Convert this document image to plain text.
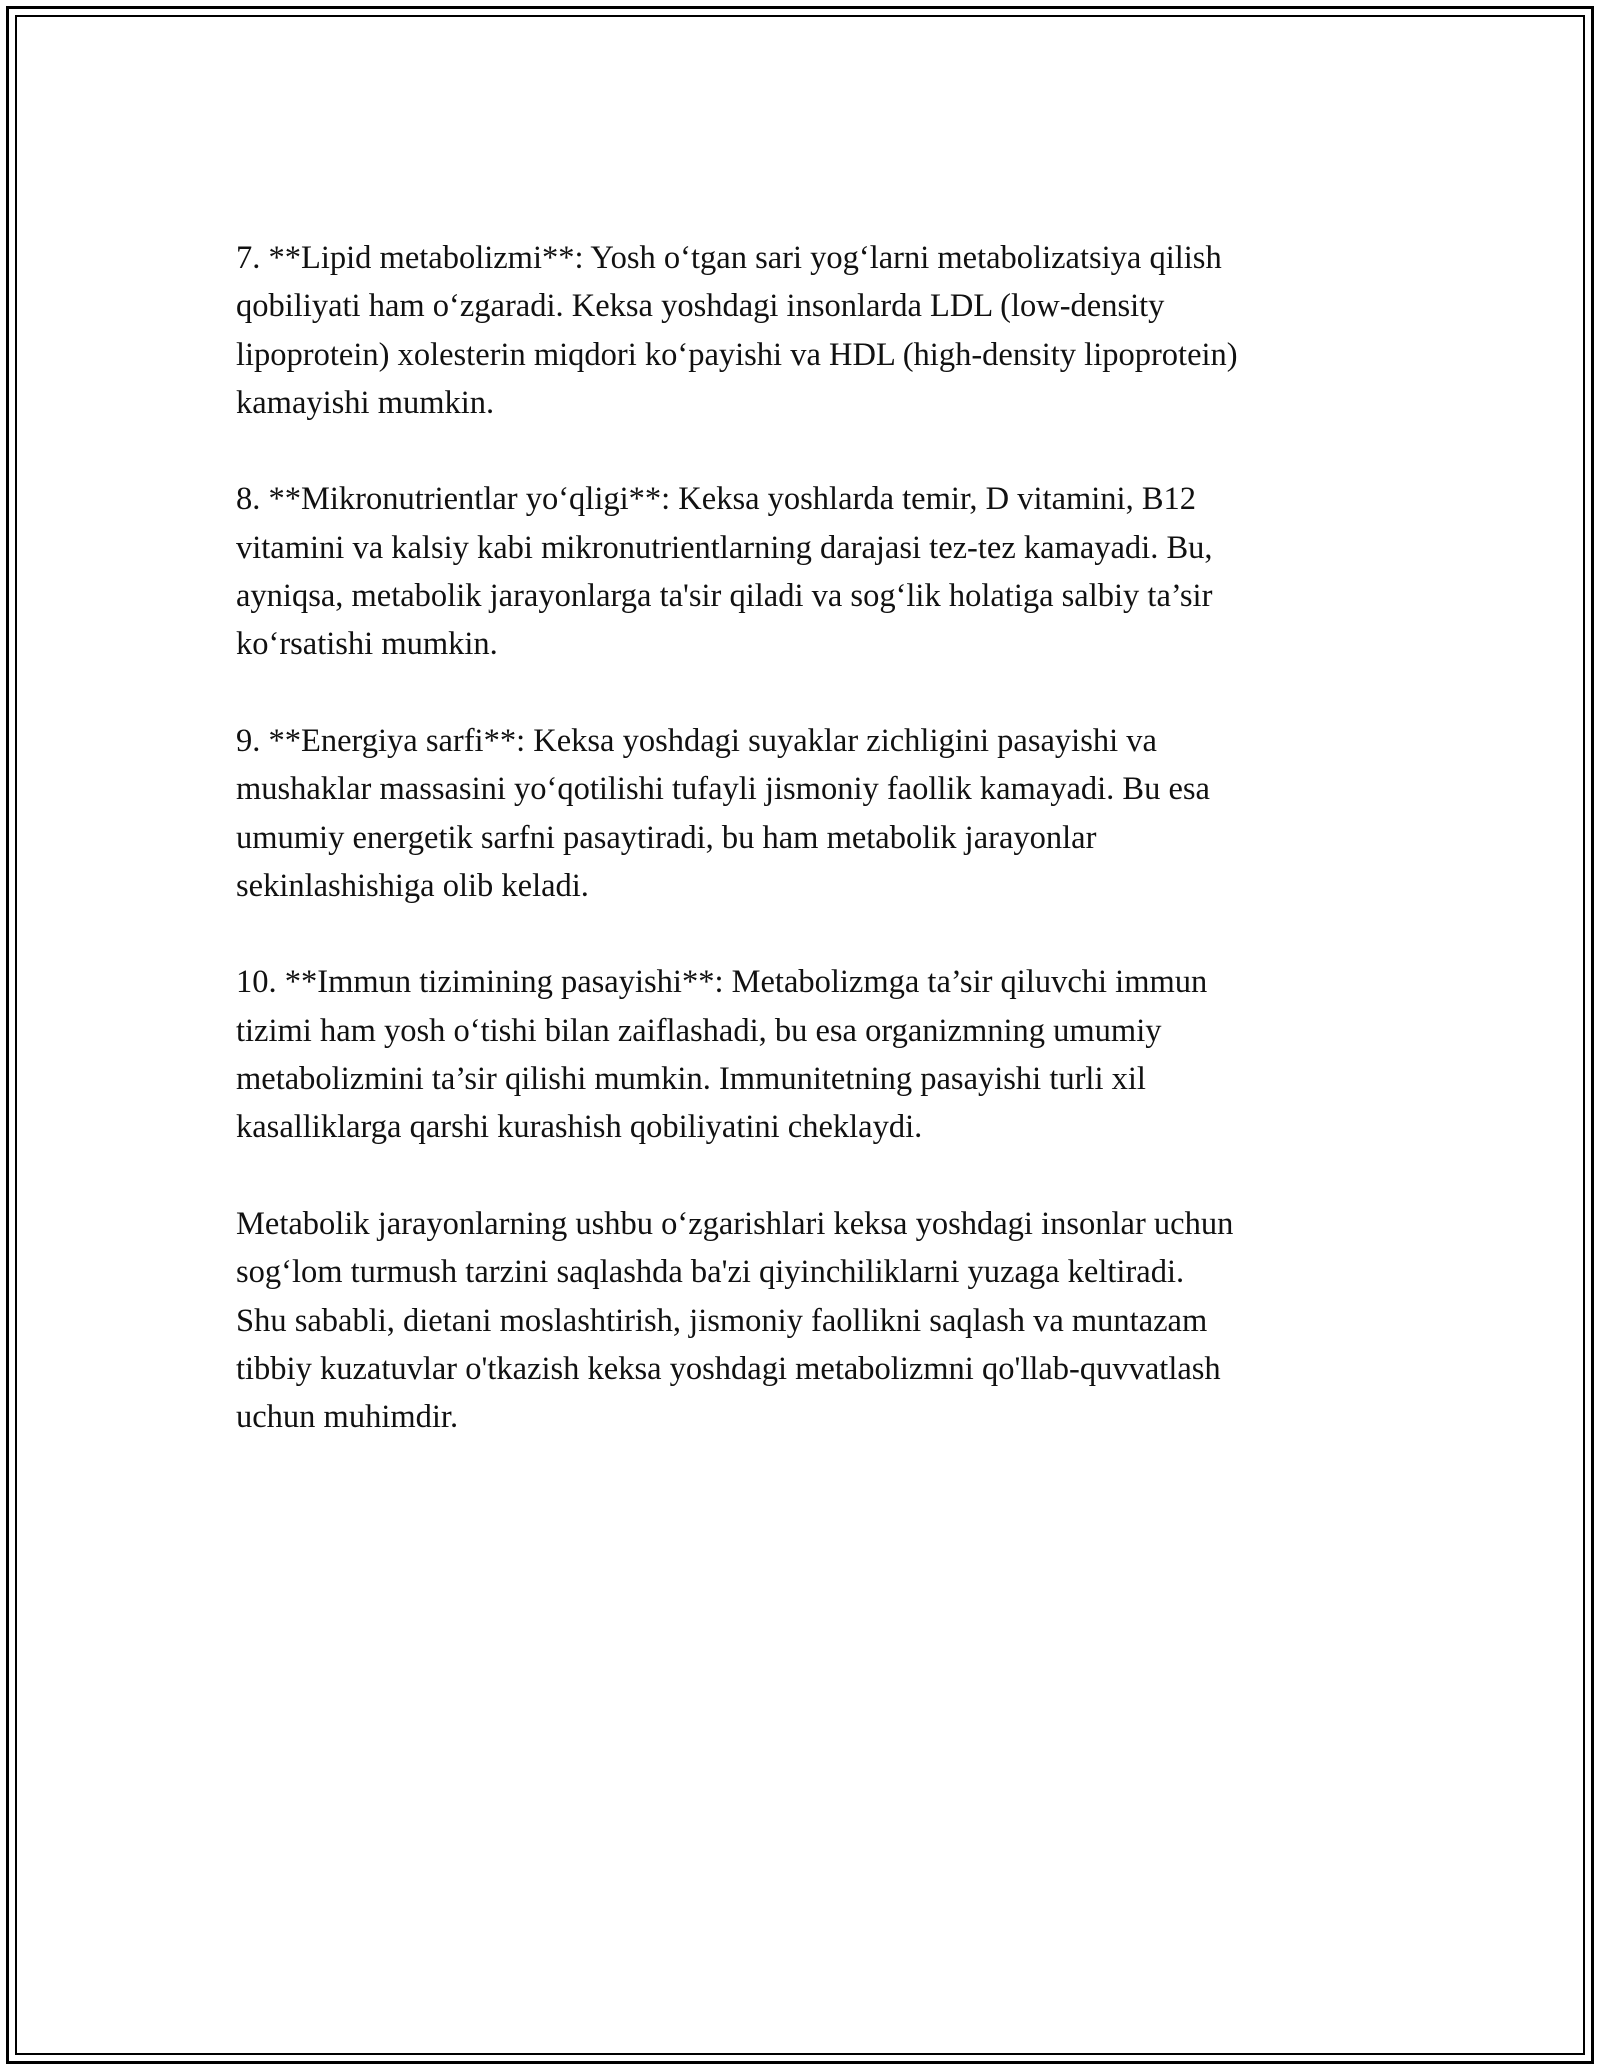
7. **Lipid metabolizmi**: Yosh o‘tgan sari yog‘larni metabolizatsiya qilish
qobiliyati ham o‘zgaradi. Keksa yoshdagi insonlarda LDL (low-density
lipoprotein) xolesterin miqdori ko‘payishi va HDL (high-density lipoprotein)
kamayishi mumkin.

8. **Mikronutrientlar yo‘qligi**: Keksa yoshlarda temir, D vitamini, B12
vitamini va kalsiy kabi mikronutrientlarning darajasi tez-tez kamayadi. Bu,
ayniqsa, metabolik jarayonlarga ta'sir qiladi va sog‘lik holatiga salbiy ta’sir
ko‘rsatishi mumkin.

9. **Energiya sarfi**: Keksa yoshdagi suyaklar zichligini pasayishi va
mushaklar massasini yo‘qotilishi tufayli jismoniy faollik kamayadi. Bu esa
umumiy energetik sarfni pasaytiradi, bu ham metabolik jarayonlar
sekinlashishiga olib keladi.

10. **Immun tizimining pasayishi**: Metabolizmga ta’sir qiluvchi immun
tizimi ham yosh o‘tishi bilan zaiflashadi, bu esa organizmning umumiy
metabolizmini ta’sir qilishi mumkin. Immunitetning pasayishi turli xil
kasalliklarga qarshi kurashish qobiliyatini cheklaydi.

Metabolik jarayonlarning ushbu o‘zgarishlari keksa yoshdagi insonlar uchun
sog‘lom turmush tarzini saqlashda ba'zi qiyinchiliklarni yuzaga keltiradi.
Shu sababli, dietani moslashtirish, jismoniy faollikni saqlash va muntazam
tibbiy kuzatuvlar o'tkazish keksa yoshdagi metabolizmni qo'llab-quvvatlash
uchun muhimdir.
